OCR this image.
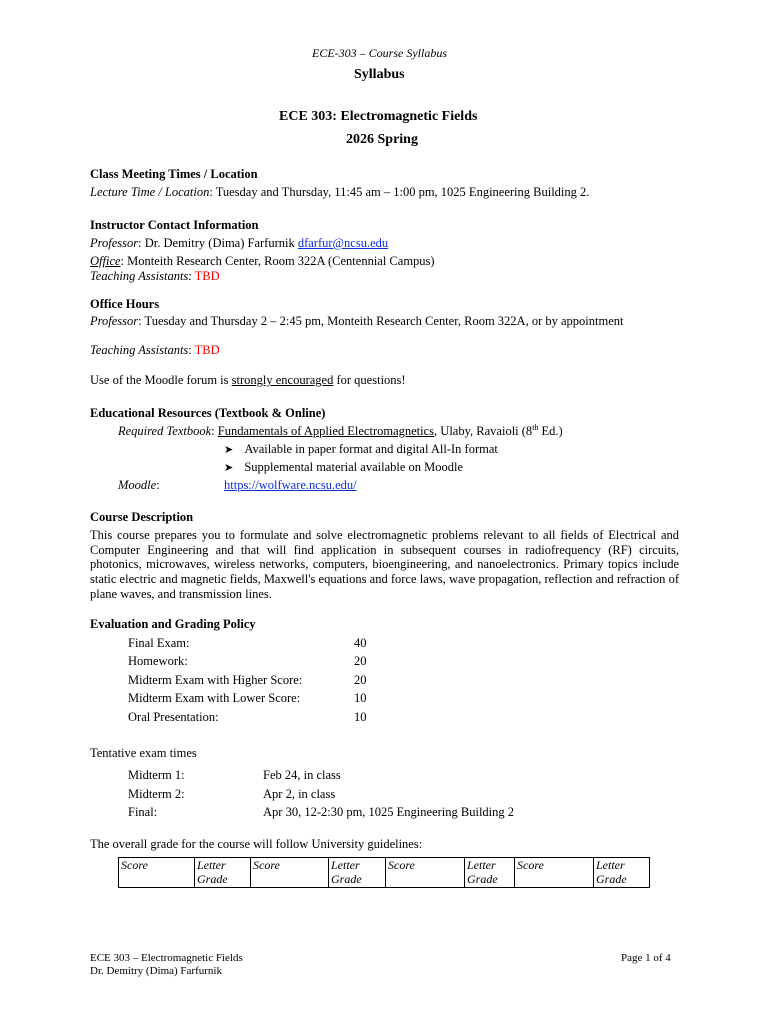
ECE-303 – Course Syllabus
Syllabus
ECE 303: Electromagnetic Fields
2026 Spring
Class Meeting Times / Location
Lecture Time / Location: Tuesday and Thursday, 11:45 am – 1:00 pm, 1025 Engineering Building 2.
Instructor Contact Information
Professor: Dr. Demitry (Dima) Farfurnik dfarfur@ncsu.edu
Office: Monteith Research Center, Room 322A (Centennial Campus)
Teaching Assistants: TBD
Office Hours
Professor: Tuesday and Thursday 2 – 2:45 pm, Monteith Research Center, Room 322A, or by appointment
Teaching Assistants: TBD
Use of the Moodle forum is strongly encouraged for questions!
Educational Resources (Textbook & Online)
Required Textbook: Fundamentals of Applied Electromagnetics, Ulaby, Ravaioli (8th Ed.)
➤ Available in paper format and digital All-In format
➤ Supplemental material available on Moodle
Moodle:	https://wolfware.ncsu.edu/
Course Description
This course prepares you to formulate and solve electromagnetic problems relevant to all fields of Electrical and Computer Engineering and that will find application in subsequent courses in radiofrequency (RF) circuits, photonics, microwaves, wireless networks, computers, bioengineering, and nanoelectronics. Primary topics include static electric and magnetic fields, Maxwell's equations and force laws, wave propagation, reflection and refraction of plane waves, and transmission lines.
Evaluation and Grading Policy
Final Exam:	40
Homework:	20
Midterm Exam with Higher Score:	20
Midterm Exam with Lower Score:	10
Oral Presentation:	10
Tentative exam times
Midterm 1:	Feb 24, in class
Midterm 2:	Apr 2, in class
Final:	Apr 30, 12-2:30 pm, 1025 Engineering Building 2
The overall grade for the course will follow University guidelines:
Score	Letter Grade	Score	Letter Grade	Score	Letter Grade	Score	Letter Grade
ECE 303 – Electromagnetic Fields
Dr. Demitry (Dima) Farfurnik
Page 1 of 4
